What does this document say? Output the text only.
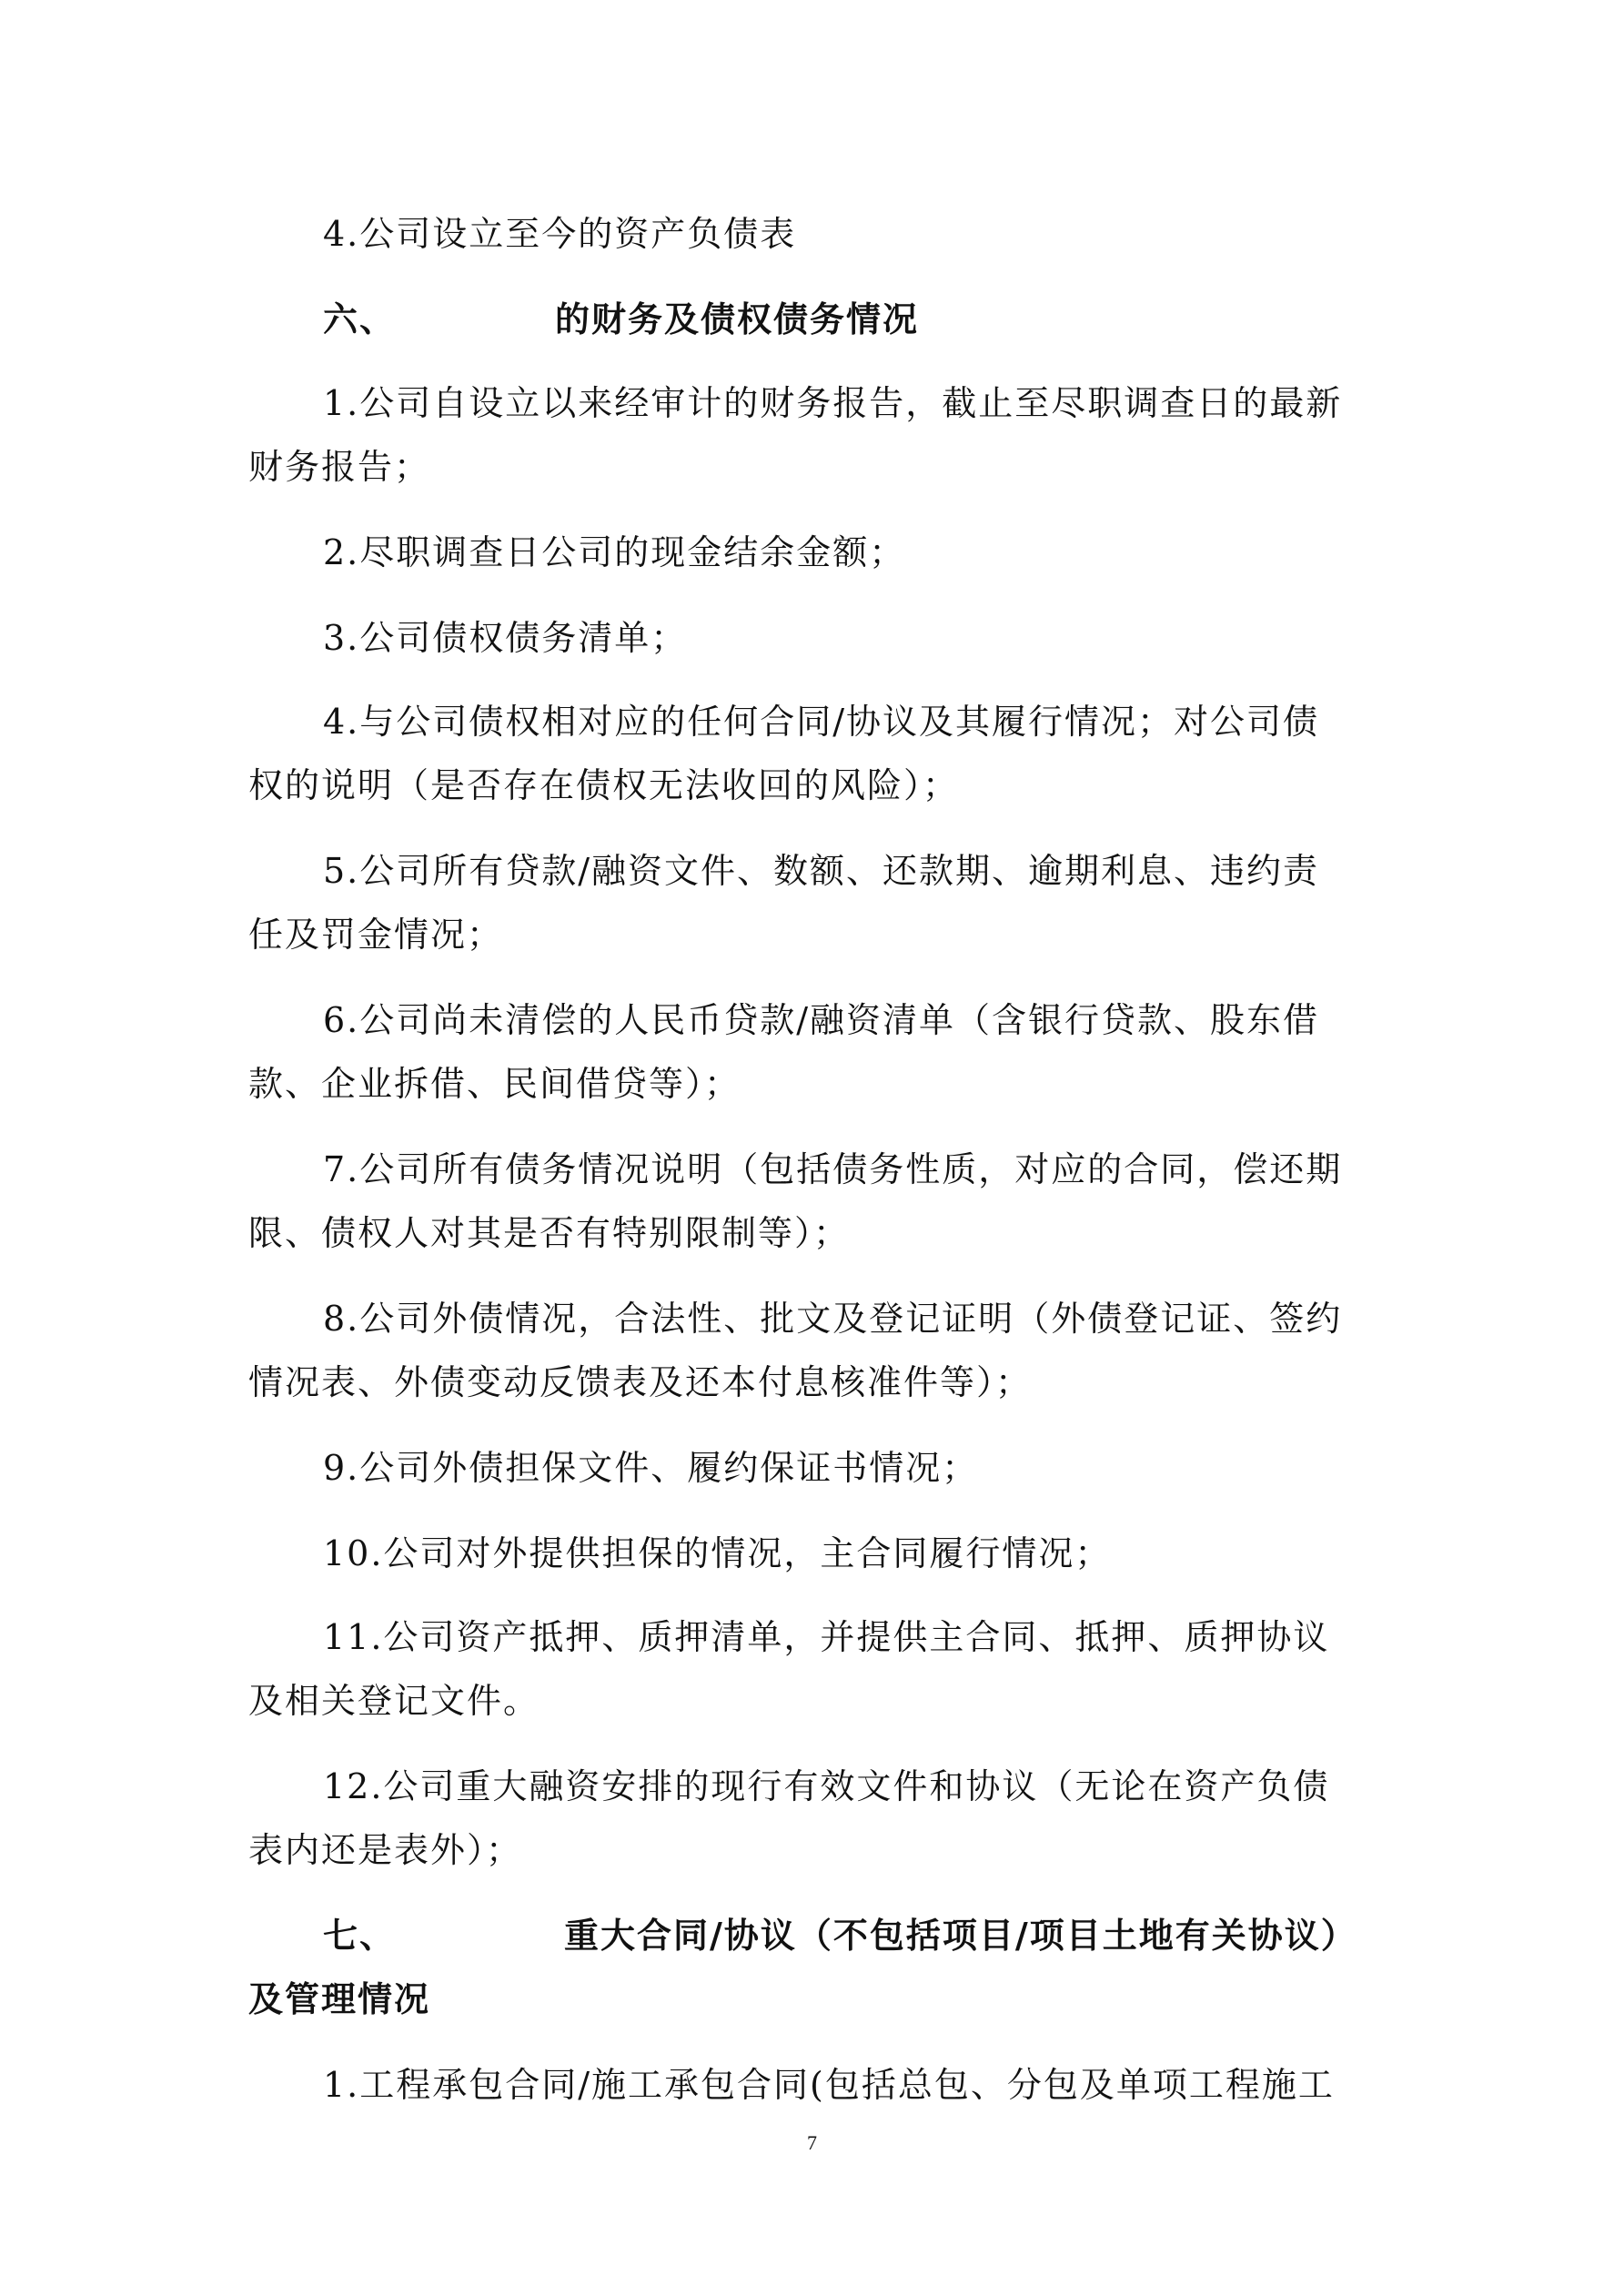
4.公司设立至今的资产负债表
六、	的财务及债权债务情况
1.公司自设立以来经审计的财务报告，截止至尽职调查日的最新
财务报告；
2.尽职调查日公司的现金结余金额；
3.公司债权债务清单；
4.与公司债权相对应的任何合同/协议及其履行情况；对公司债
权的说明（是否存在债权无法收回的风险）；
5.公司所有贷款/融资文件、数额、还款期、逾期利息、违约责
任及罚金情况；
6.公司尚未清偿的人民币贷款/融资清单（含银行贷款、股东借
款、企业拆借、民间借贷等）；
7.公司所有债务情况说明（包括债务性质，对应的合同，偿还期
限、债权人对其是否有特别限制等）；
8.公司外债情况，合法性、批文及登记证明（外债登记证、签约
情况表、外债变动反馈表及还本付息核准件等）；
9.公司外债担保文件、履约保证书情况；
10.公司对外提供担保的情况，主合同履行情况；
11.公司资产抵押、质押清单，并提供主合同、抵押、质押协议
及相关登记文件。
12.公司重大融资安排的现行有效文件和协议（无论在资产负债
表内还是表外）；
七、	重大合同/协议（不包括项目/项目土地有关协议）
及管理情况
1.工程承包合同/施工承包合同(包括总包、分包及单项工程施工
7
